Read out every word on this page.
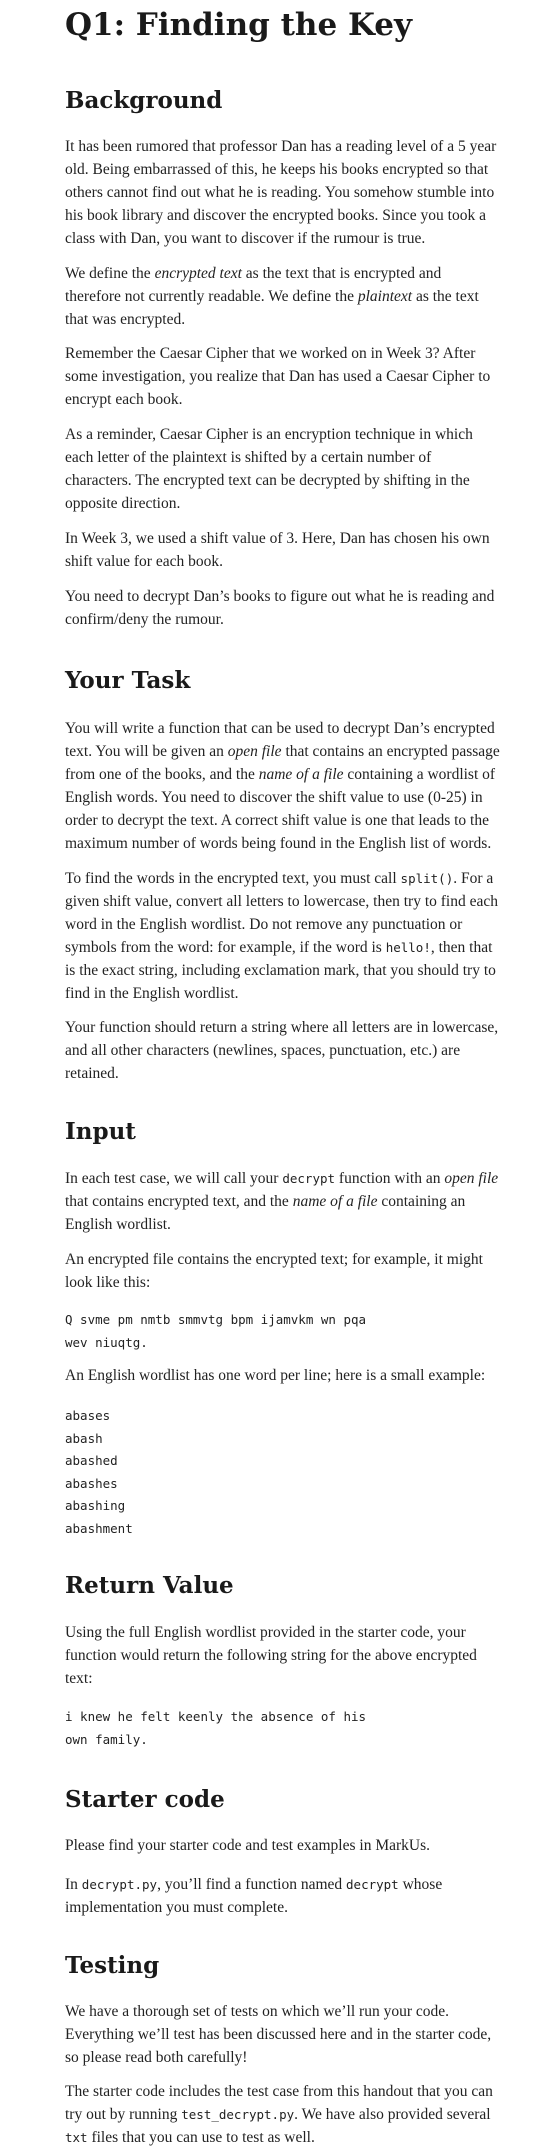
Q1: Finding the Key
Background

It has been rumored that professor Dan has a reading level of a 5 year
old. Being embarrassed of this, he keeps his books encrypted so that
others cannot find out what he is reading. You somehow stumble into
his book library and discover the encrypted books. Since you took a
class with Dan, you want to discover if the rumour is true.

We define the encrypted text as the text that is encrypted and
therefore not currently readable. We define the plaintext as the text
that was encrypted.

Remember the Caesar Cipher that we worked on in Week 3? After
some investigation, you realize that Dan has used a Caesar Cipher to
encrypt each book.

As a reminder, Caesar Cipher is an encryption technique in which
each letter of the plaintext is shifted by a certain number of
characters. The encrypted text can be decrypted by shifting in the
opposite direction.

In Week 3, we used a shift value of 3. Here, Dan has chosen his own
shift value for each book.

You need to decrypt Dan’s books to figure out what he is reading and
confirm/deny the rumour.

Your Task

You will write a function that can be used to decrypt Dan’s encrypted
text. You will be given an open file that contains an encrypted passage
from one of the books, and the name of a file containing a wordlist of
English words. You need to discover the shift value to use (0-25) in
order to decrypt the text. A correct shift value is one that leads to the
maximum number of words being found in the English list of words.

To find the words in the encrypted text, you must call split(). For a
given shift value, convert all letters to lowercase, then try to find each
word in the English wordlist. Do not remove any punctuation or
symbols from the word: for example, if the word is hello!, then that
is the exact string, including exclamation mark, that you should try to
find in the English wordlist.

Your function should return a string where all letters are in lowercase,
and all other characters (newlines, spaces, punctuation, etc.) are
retained.

Input

In each test case, we will call your decrypt function with an open file
that contains encrypted text, and the name of a file containing an
English wordlist.

An encrypted file contains the encrypted text; for example, it might
look like this:

Q svme pm nmtb smmvtg bpm ijamvkm wn pqa
wev niuqtg.

An English wordlist has one word per line; here is a small example:

abases
abash
abashed
abashes
abashing
abashment
Return Value

Using the full English wordlist provided in the starter code, your
function would return the following string for the above encrypted
text:

i knew he felt keenly the absence of his
own family.
Starter code

Please find your starter code and test examples in MarkUs.

In decrypt.py, you’ll find a function named decrypt whose
implementation you must complete.

Testing

We have a thorough set of tests on which we’ll run your code.
Everything we’ll test has been discussed here and in the starter code,
so please read both carefully!

The starter code includes the test case from this handout that you can
try out by running test_decrypt.py. We have also provided several
txt files that you can use to test as well.
